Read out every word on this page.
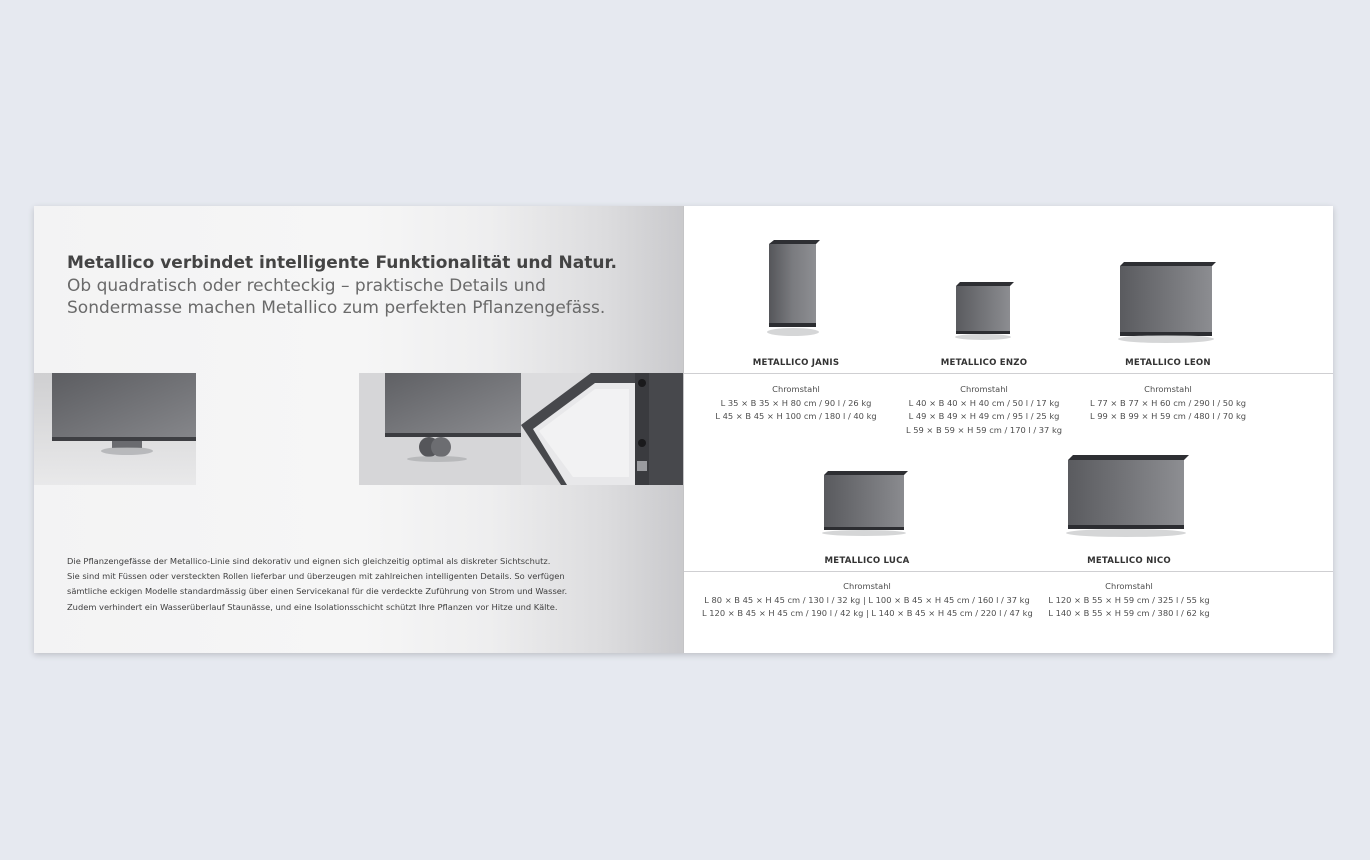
Metallico verbindet intelligente Funktionalität und Natur.
Ob quadratisch oder rechteckig – praktische Details und
Sondermasse machen Metallico zum perfekten Pflanzengefäss.

Die Pflanzengefässe der Metallico-Linie sind dekorativ und eignen sich gleichzeitig optimal als diskreter Sichtschutz.

Sie sind mit Füssen oder versteckten Rollen lieferbar und überzeugen mit zahlreichen intelligenten Details. So verfügen

sämtliche eckigen Modelle standardmässig über einen Servicekanal für die verdeckte Zuführung von Strom und Wasser.

Zudem verhindert ein Wasserüberlauf Staunässe, und eine Isolationsschicht schützt Ihre Pflanzen vor Hitze und Kälte.

METALLICO JANIS	METALLICO ENZO	METALLICO LEON
Chromstahl
L 35 × B 35 × H 80 cm / 90 l / 26 kg
L 45 × B 45 × H 100 cm / 180 l / 40 kg
Chromstahl
L 40 × B 40 × H 40 cm / 50 l / 17 kg
L 49 × B 49 × H 49 cm / 95 l / 25 kg
L 59 × B 59 × H 59 cm / 170 l / 37 kg
Chromstahl
L 77 × B 77 × H 60 cm / 290 l / 50 kg
L 99 × B 99 × H 59 cm / 480 l / 70 kg
METALLICO LUCA	METALLICO NICO
Chromstahl
L 80 × B 45 × H 45 cm / 130 l / 32 kg | L 100 × B 45 × H 45 cm / 160 l / 37 kg
L 120 × B 45 × H 45 cm / 190 l / 42 kg | L 140 × B 45 × H 45 cm / 220 l / 47 kg
Chromstahl
L 120 × B 55 × H 59 cm / 325 l / 55 kg
L 140 × B 55 × H 59 cm / 380 l / 62 kg
